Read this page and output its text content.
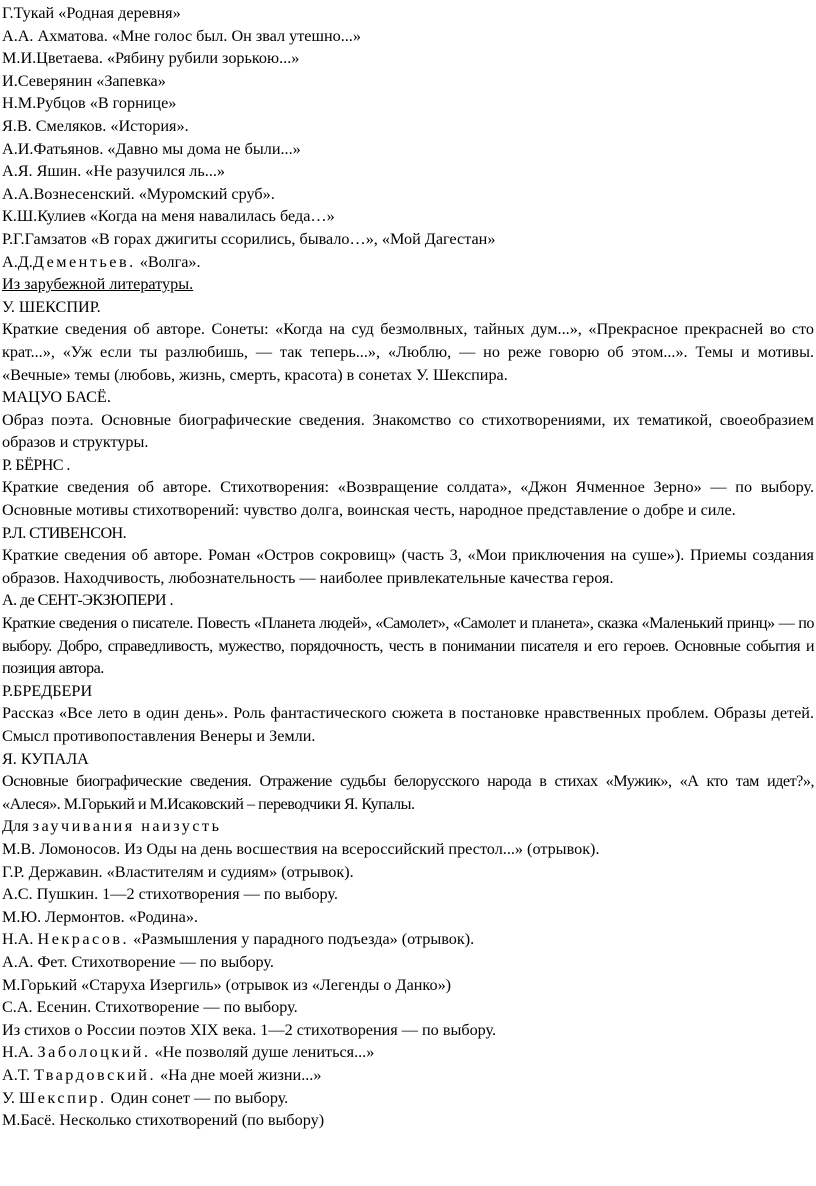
Г.Тукай «Родная деревня»
А.А. Ахматова. «Мне голос был. Он звал утешно...»
М.И.Цветаева. «Рябину рубили зорькою...»
И.Северянин «Запевка»
Н.М.Рубцов «В горнице»
Я.В. Смеляков. «История».
А.И.Фатьянов. «Давно мы дома не были...»
А.Я. Яшин. «Не разучился ль...»
А.А.Вознесенский. «Муромский сруб».
К.Ш.Кулиев «Когда на меня навалилась беда…»
Р.Г.Гамзатов «В горах джигиты ссорились, бывало…», «Мой Дагестан»
А.Д.Дементьев. «Волга».
Из зарубежной литературы.
У. ШЕКСПИР.
Краткие сведения об авторе. Сонеты: «Когда на суд безмолвных, тайных дум...», «Прекрасное прекрасней во сто крат...», «Уж если ты разлюбишь, — так теперь...», «Люблю, — но реже говорю об этом...». Темы и мотивы. «Вечные» темы (любовь, жизнь, смерть, красота) в сонетах У. Шекспира.
МАЦУО БАСЁ.
Образ поэта. Основные биографические сведения. Знакомство со стихотворениями, их тематикой, своеобразием образов и структуры.
Р. БЁРНС .
Краткие сведения об авторе. Стихотворения: «Возвращение солдата», «Джон Ячменное Зерно» — по выбору. Основные мотивы стихотворений: чувство долга, воинская честь, народное представление о добре и силе.
Р.Л. СТИВЕНСОН.
Краткие сведения об авторе. Роман «Остров сокровищ» (часть 3, «Мои приключения на суше»). Приемы создания образов. Находчивость, любознательность — наиболее привлекательные качества героя.
А. де СЕНТ-ЭКЗЮПЕРИ .
Краткие сведения о писателе. Повесть «Планета людей», «Самолет», «Самолет и планета», сказка «Маленький принц» — по выбору. Добро, справедливость, мужество, порядочность, честь в понимании писателя и его героев. Основные события и позиция автора.
Р.БРЕДБЕРИ
Рассказ «Все лето в один день». Роль фантастического сюжета в постановке нравственных проблем. Образы детей. Смысл противопоставления Венеры и Земли.
Я. КУПАЛА
Основные биографические сведения. Отражение судьбы белорусского народа в стихах «Мужик», «А кто там идет?», «Алеся». М.Горький и М.Исаковский – переводчики Я. Купалы.
Для заучивания наизусть
М.В. Ломоносов. Из Оды на день восшествия на всероссийский престол...» (отрывок).
Г.Р. Державин. «Властителям и судиям» (отрывок).
А.С. Пушкин. 1—2 стихотворения — по выбору.
М.Ю. Лермонтов. «Родина».
Н.А. Некрасов. «Размышления у парадного подъезда» (отрывок).
А.А. Фет. Стихотворение — по выбору.
М.Горький «Старуха Изергиль» (отрывок из «Легенды о Данко»)
С.А. Есенин. Стихотворение — по выбору.
Из стихов о России поэтов XIX века. 1—2 стихотворения — по выбору.
Н.А. Заболоцкий. «Не позволяй душе лениться...»
А.Т. Твардовский. «На дне моей жизни...»
У. Шекспир. Один сонет — по выбору.
М.Басё. Несколько стихотворений (по выбору)
